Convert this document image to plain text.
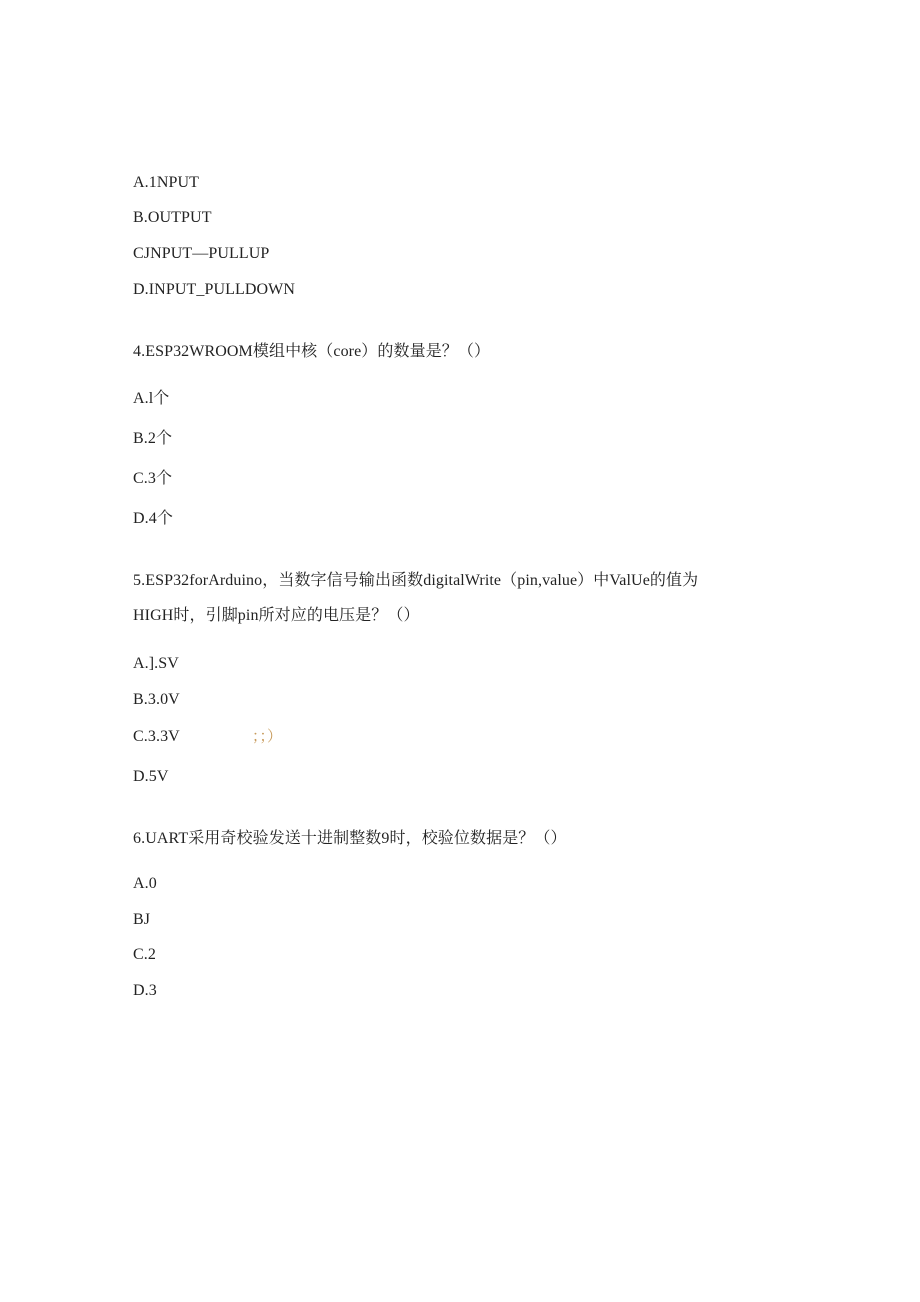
A.1NPUT
B.OUTPUT
CJNPUT—PULLUP
D.INPUT_PULLDOWN
4.ESP32WROOM模组中核（core）的数量是？（）
A.l个
B.2个
C.3个
D.4个
5.ESP32forArduino，当数字信号输出函数digitalWrite（pin,value）中ValUe的值为
HIGH时，引脚pin所对应的电压是？（）
A.].SV
B.3.0V
C.3.3V	；；）
D.5V
6.UART采用奇校验发送十进制整数9时，校验位数据是？（）
A.0
BJ
C.2
D.3
